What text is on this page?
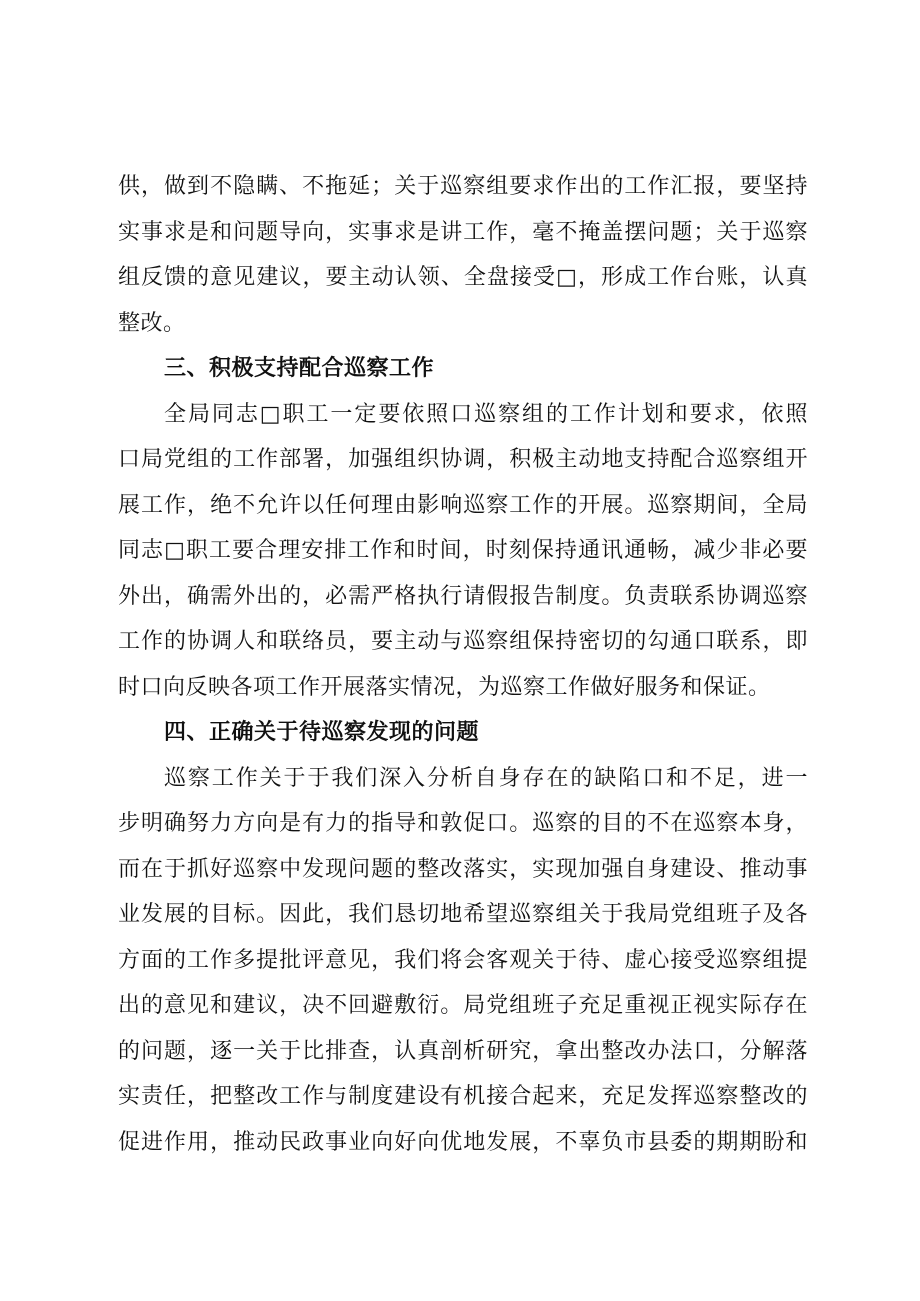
供，做到不隐瞒、不拖延；关于巡察组要求作出的工作汇报，要坚持
实事求是和问题导向，实事求是讲工作，毫不掩盖摆问题；关于巡察
组反馈的意见建议，要主动认领、全盘接受□，形成工作台账，认真
整改。
三、积极支持配合巡察工作
全局同志□职工一定要依照口巡察组的工作计划和要求，依照
口局党组的工作部署，加强组织协调，积极主动地支持配合巡察组开
展工作，绝不允许以任何理由影响巡察工作的开展。巡察期间，全局
同志□职工要合理安排工作和时间，时刻保持通讯通畅，减少非必要
外出，确需外出的，必需严格执行请假报告制度。负责联系协调巡察
工作的协调人和联络员，要主动与巡察组保持密切的勾通口联系，即
时口向反映各项工作开展落实情况，为巡察工作做好服务和保证。
四、正确关于待巡察发现的问题
巡察工作关于于我们深入分析自身存在的缺陷口和不足，进一
步明确努力方向是有力的指导和敦促口。巡察的目的不在巡察本身，
而在于抓好巡察中发现问题的整改落实，实现加强自身建设、推动事
业发展的目标。因此，我们恳切地希望巡察组关于我局党组班子及各
方面的工作多提批评意见，我们将会客观关于待、虚心接受巡察组提
出的意见和建议，决不回避敷衍。局党组班子充足重视正视实际存在
的问题，逐一关于比排查，认真剖析研究，拿出整改办法口，分解落
实责任，把整改工作与制度建设有机接合起来，充足发挥巡察整改的
促进作用，推动民政事业向好向优地发展，不辜负市县委的期期盼和
